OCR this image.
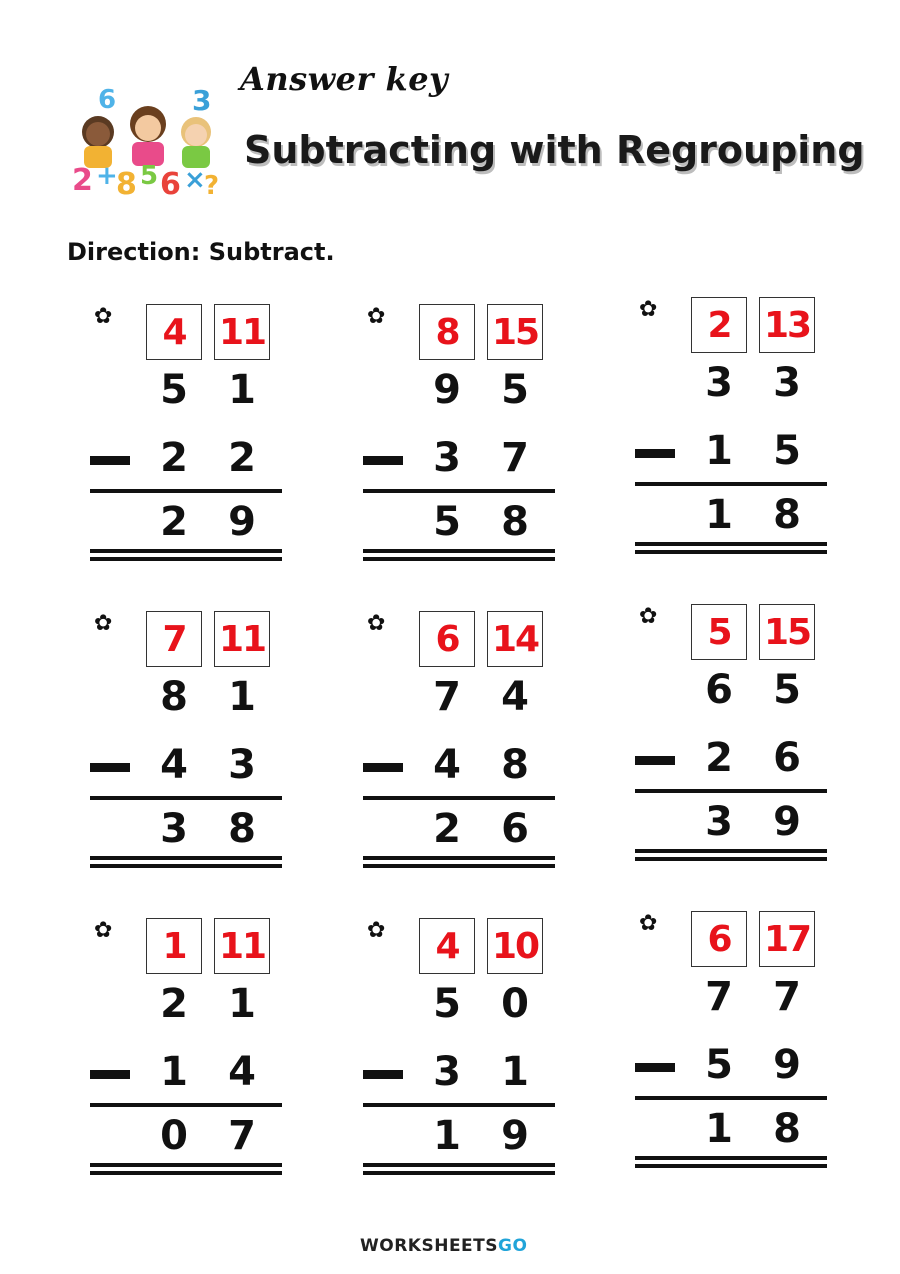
6	3
2 +
8 5 6 ×
?
Answer key
Subtracting with Regrouping
Direction: Subtract.
✿	4 11
5	1
2	2
2	9
✿	8 15
9	5
3	7
5	8
✿	2 13
3	3
1	5
1	8
✿	7 11
8	1
4	3
3	8
✿	6 14
7	4
4	8
2	6
✿	5 15
6	5
2	6
3	9
✿	1 11
2	1
1	4
0	7
✿	4 10
5	0
3	1
1	9
✿	6 17
7	7
5	9
1	8
WORKSHEETSGO
